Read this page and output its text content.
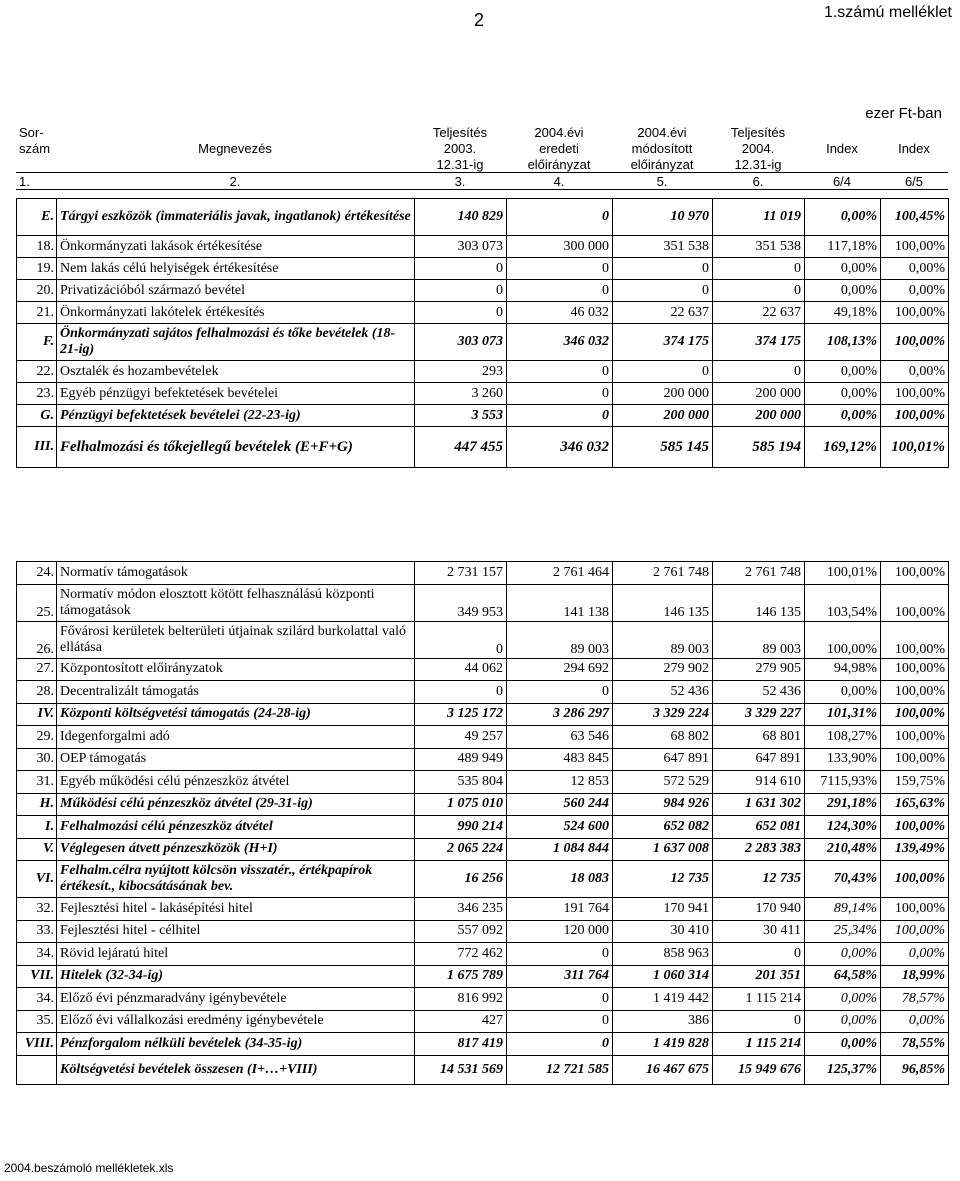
2	1.számú melléklet
ezer Ft-ban
Sor-		Teljesítés	2004.évi	2004.évi	Teljesítés		
szám	Megnevezés	2003.	eredeti	módosított	2004.	Index	Index
		12.31-ig	előirányzat	előirányzat	12.31-ig		
1.	2.	3.	4.	5.	6.	6/4	6/5
E.	Tárgyi eszközök (immateriális javak, ingatlanok) értékesítése	140 829	0	10 970	11 019	0,00%	100,45%
18.	Önkormányzati lakások értékesítése	303 073	300 000	351 538	351 538	117,18%	100,00%
19.	Nem lakás célú helyiségek értékesítése	0	0	0	0	0,00%	0,00%
20.	Privatizációból származó bevétel	0	0	0	0	0,00%	0,00%
21.	Önkormányzati lakótelek értékesítés	0	46 032	22 637	22 637	49,18%	100,00%
F.	Önkormányzati sajátos felhalmozási és tőke bevételek (18-21-ig)	303 073	346 032	374 175	374 175	108,13%	100,00%
22.	Osztalék és hozambevételek	293	0	0	0	0,00%	0,00%
23.	Egyéb pénzügyi befektetések bevételei	3 260	0	200 000	200 000	0,00%	100,00%
G.	Pénzügyi befektetések bevételei (22-23-ig)	3 553	0	200 000	200 000	0,00%	100,00%
III.	Felhalmozási és tőkejellegű bevételek (E+F+G)	447 455	346 032	585 145	585 194	169,12%	100,01%
24.	Normatív támogatások	2 731 157	2 761 464	2 761 748	2 761 748	100,01%	100,00%
25.	Normatív módon elosztott kötött felhasználású központi támogatások	349 953	141 138	146 135	146 135	103,54%	100,00%
26.	Fővárosi kerületek belterületi útjainak szilárd burkolattal való ellátása	0	89 003	89 003	89 003	100,00%	100,00%
27.	Központosított előirányzatok	44 062	294 692	279 902	279 905	94,98%	100,00%
28.	Decentralizált támogatás	0	0	52 436	52 436	0,00%	100,00%
IV.	Központi költségvetési támogatás (24-28-ig)	3 125 172	3 286 297	3 329 224	3 329 227	101,31%	100,00%
29.	Idegenforgalmi adó	49 257	63 546	68 802	68 801	108,27%	100,00%
30.	OEP támogatás	489 949	483 845	647 891	647 891	133,90%	100,00%
31.	Egyéb működési célú pénzeszköz átvétel	535 804	12 853	572 529	914 610	7115,93%	159,75%
H.	Működési célú pénzeszköz átvétel (29-31-ig)	1 075 010	560 244	984 926	1 631 302	291,18%	165,63%
I.	Felhalmozási célú pénzeszköz átvétel	990 214	524 600	652 082	652 081	124,30%	100,00%
V.	Véglegesen átvett pénzeszközök (H+I)	2 065 224	1 084 844	1 637 008	2 283 383	210,48%	139,49%
VI.	Felhalm.célra nyújtott kölcsön visszatér., értékpapírok értékesít., kibocsátásának bev.	16 256	18 083	12 735	12 735	70,43%	100,00%
32.	Fejlesztési hitel - lakásépítési hitel	346 235	191 764	170 941	170 940	89,14%	100,00%
33.	Fejlesztési hitel - célhitel	557 092	120 000	30 410	30 411	25,34%	100,00%
34.	Rövid lejáratú hitel	772 462	0	858 963	0	0,00%	0,00%
VII.	Hitelek (32-34-ig)	1 675 789	311 764	1 060 314	201 351	64,58%	18,99%
34.	Előző évi pénzmaradvány igénybevétele	816 992	0	1 419 442	1 115 214	0,00%	78,57%
35.	Előző évi vállalkozási eredmény igénybevétele	427	0	386	0	0,00%	0,00%
VIII.	Pénzforgalom nélküli bevételek (34-35-ig)	817 419	0	1 419 828	1 115 214	0,00%	78,55%
	Költségvetési bevételek összesen (I+…+VIII)	14 531 569	12 721 585	16 467 675	15 949 676	125,37%	96,85%
2004.beszámoló mellékletek.xls
